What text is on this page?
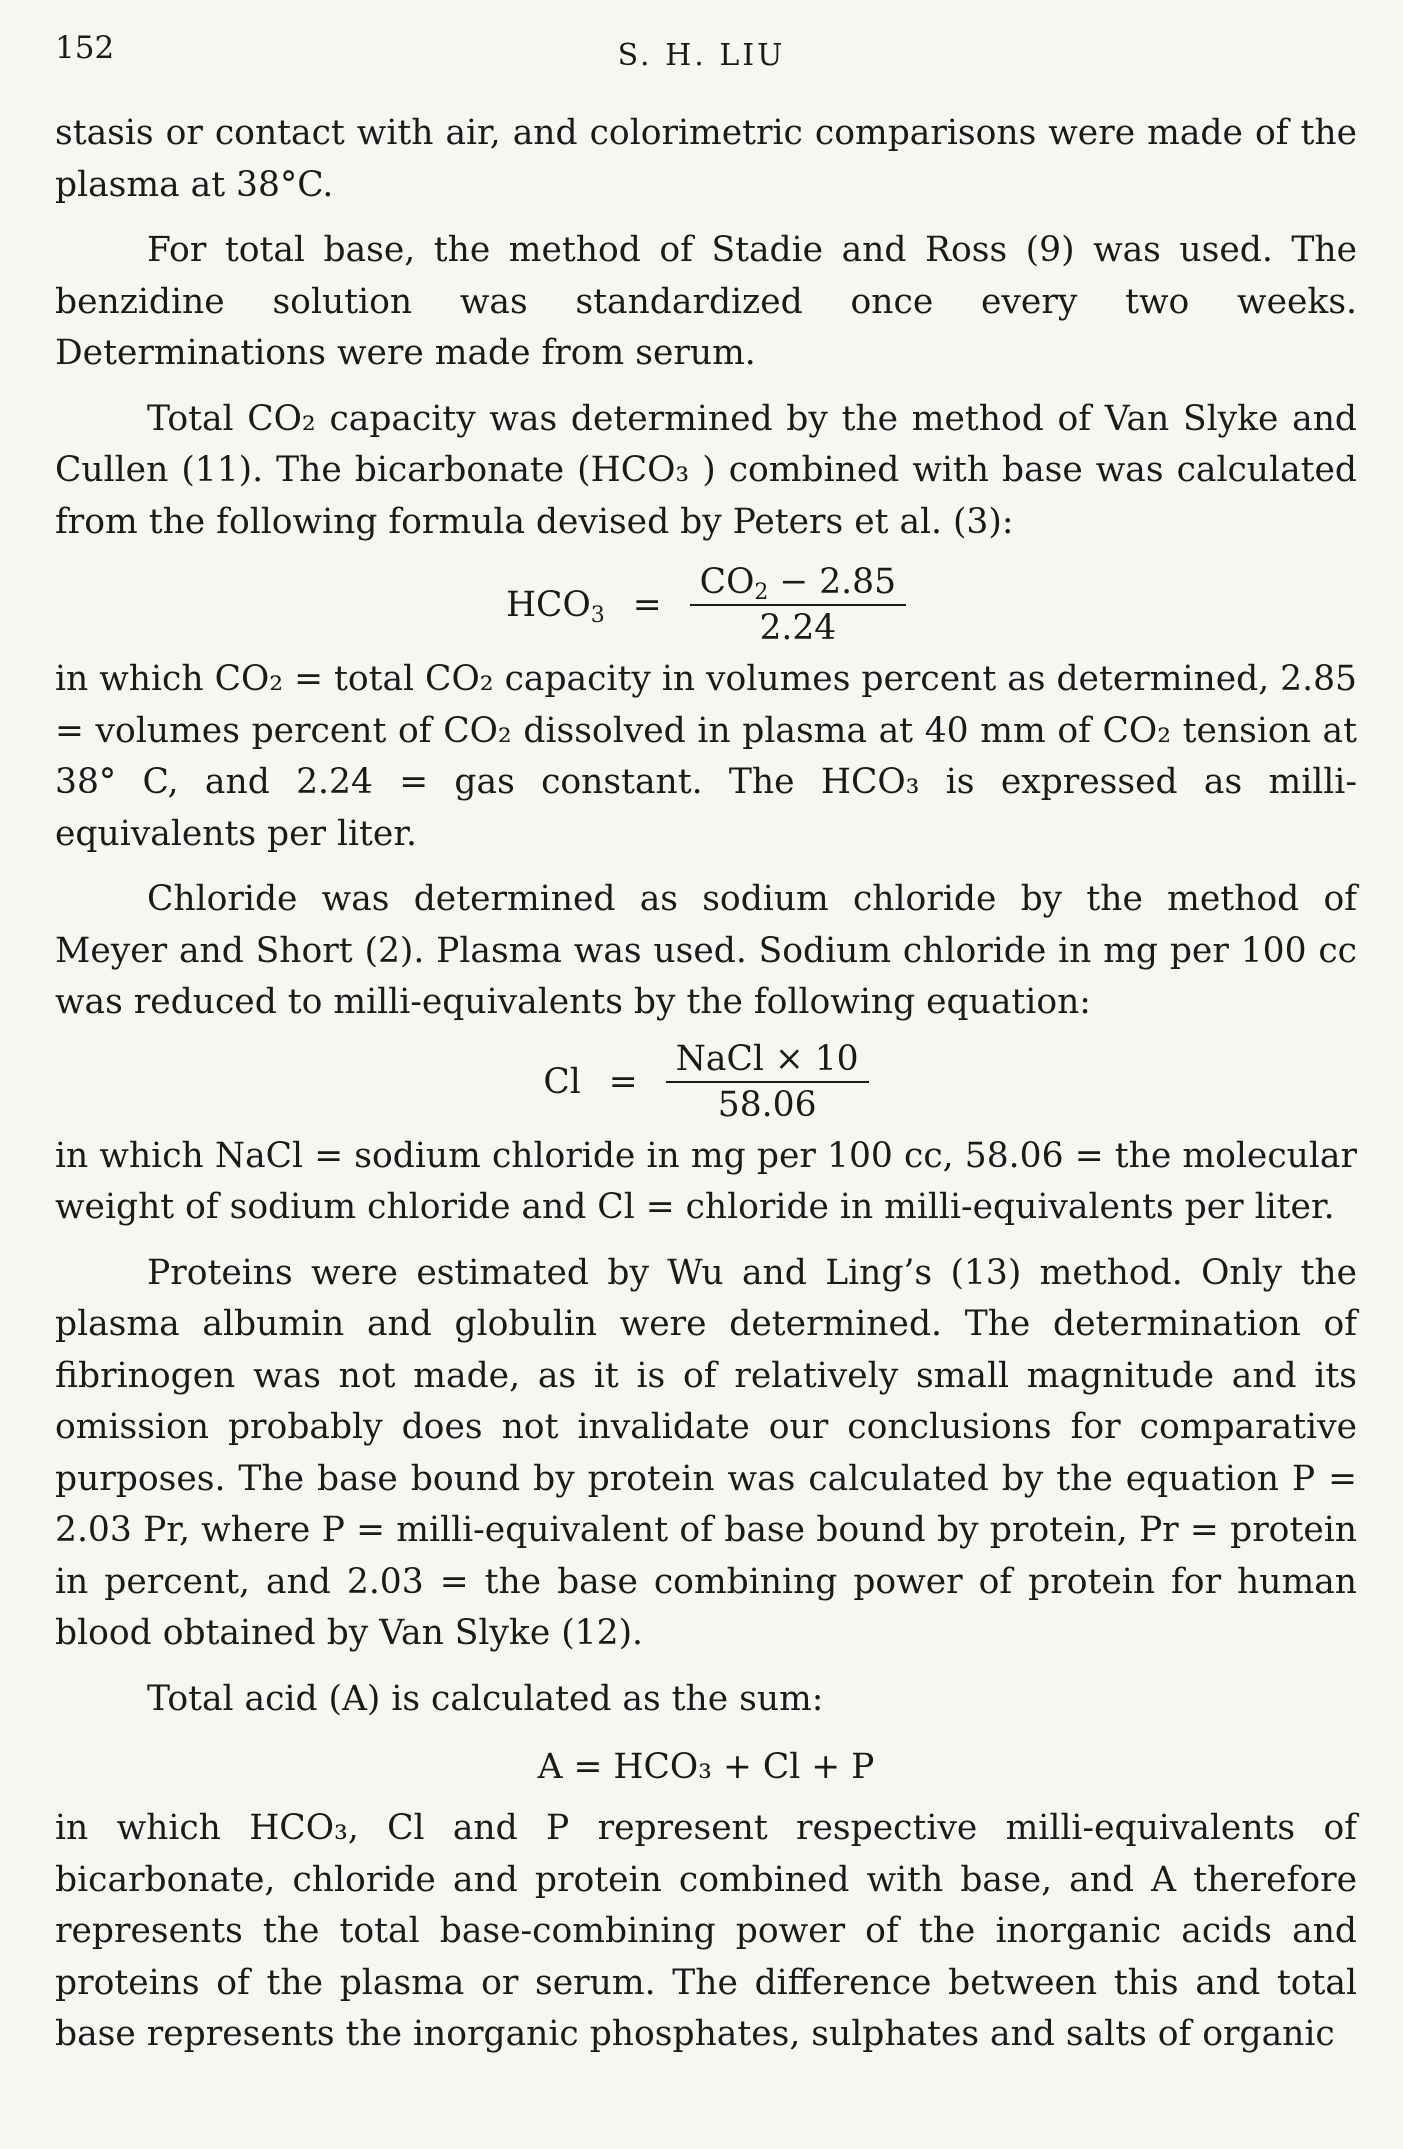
152	S. H. LIU

stasis or contact with air, and colorimetric comparisons were made of the plasma at 38°C.

For total base, the method of Stadie and Ross (9) was used. The benzidine solution was standardized once every two weeks. Determinations were made from serum.

Total CO₂ capacity was determined by the method of Van Slyke and Cullen (11). The bicarbonate (HCO₃ ) combined with base was calculated from the following formula devised by Peters et al. (3):

$HCO_3 = \frac{CO_2 - 2.85}{2.24}$

in which CO₂ = total CO₂ capacity in volumes percent as determined, 2.85 = volumes percent of CO₂ dissolved in plasma at 40 mm of CO₂ tension at 38° C, and 2.24 = gas constant. The HCO₃ is expressed as milli-equivalents per liter.

Chloride was determined as sodium chloride by the method of Meyer and Short (2). Plasma was used. Sodium chloride in mg per 100 cc was reduced to milli-equivalents by the following equation:

$Cl = \frac{\text{NaCl × 10}}{58.06}$

in which NaCl = sodium chloride in mg per 100 cc, 58.06 = the molecular weight of sodium chloride and Cl = chloride in milli-equivalents per liter.

Proteins were estimated by Wu and Ling’s (13) method. Only the plasma albumin and globulin were determined. The determination of fibrinogen was not made, as it is of relatively small magnitude and its omission probably does not invalidate our conclusions for comparative purposes. The base bound by protein was calculated by the equation P = 2.03 Pr, where P = milli-equivalent of base bound by protein, Pr = protein in percent, and 2.03 = the base combining power of protein for human blood obtained by Van Slyke (12).

Total acid (A) is calculated as the sum:

A = HCO₃ + Cl + P

in which HCO₃, Cl and P represent respective milli-equivalents of bicarbonate, chloride and protein combined with base, and A therefore represents the total base-combining power of the inorganic acids and proteins of the plasma or serum. The difference between this and total base represents the inorganic phosphates, sulphates and salts of organic
